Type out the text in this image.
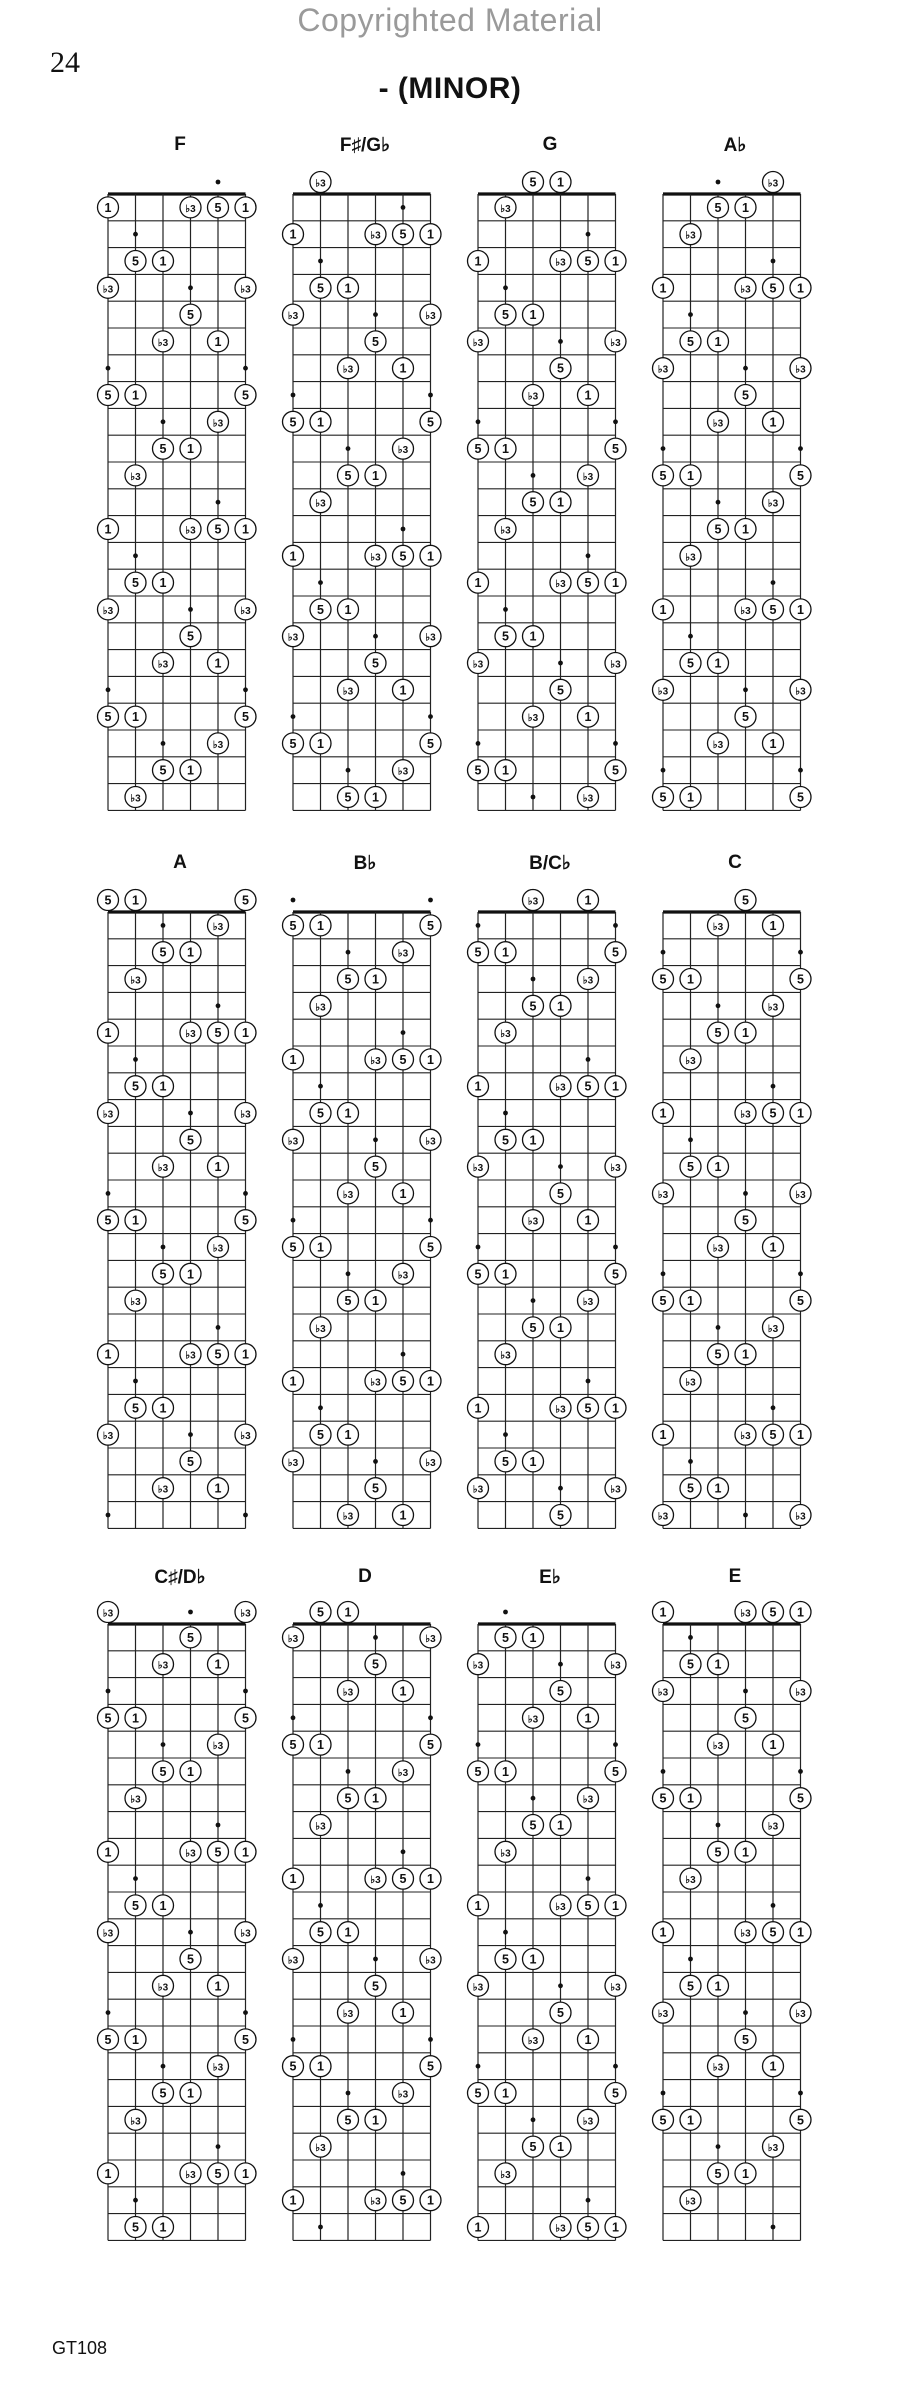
Copyrighted Material
24
- (MINOR)
F	F♯/G♭	G	A♭
1
♭3
5
1
♭3
5
5
1
♭3
5
1
♭3
1
♭3
5
1
♭3
5
♭3
5
1
♭3
5
1
5
1
♭3
5
1
♭3
1
♭3
5
1
♭3
5
1
♭3
5
1
♭3
5
♭3
5
1
♭3
5
1
1
♭3
5
1
♭3
5
♭3
5
1
♭3
5
1
5
1
♭3
5
1
♭3
1
♭3
5
1
♭3
5
1
♭3
5
1
♭3
5
♭3
5
1
♭3
5
1
5
1
♭3
5
1
♭3
1
♭3
5
1
♭3
5
5
1
♭3
5
1
♭3
1
♭3
5
1
♭3
5
1
♭3
5
1
♭3
5
♭3
5
1
♭3
5
1
5
1
♭3
5
1
♭3
1
♭3
5
1
♭3
5
♭3
5
1
♭3
5
1
1
♭3
5
1
♭3
5
A	B♭	B/C♭	C
5
1
♭3
5
1
♭3
1
♭3
5
1
♭3
5
5
1
♭3
5
1
♭3
1
♭3
5
1
♭3
5
♭3
5
1
♭3
5
1
5
1
♭3
5
1
♭3
5
1
♭3
5
1
♭3
1
♭3
5
1
♭3
5
5
1
♭3
5
1
♭3
1
♭3
5
1
♭3
5
♭3
5
1
♭3
5
1
5
1
♭3
5
1
♭3
5
1
♭3
5
1
♭3
1
♭3
5
1
♭3
5
♭3
5
1
♭3
5
1
1
♭3
5
1
♭3
5
1
♭3
5
1
♭3
5
5
1
♭3
5
1
♭3
5
1
♭3
5
1
♭3
1
♭3
5
1
♭3
5
♭3
5
1
♭3
5
1
5
1
♭3
5
1
♭3
1
♭3
5
1
♭3
5
5
1
♭3
5
1
♭3
C♯/D♭	D	E♭	E
♭3
5
1
♭3
5
1
1
♭3
5
1
♭3
5
♭3
5
1
♭3
5
1
5
1
♭3
5
1
♭3
1
♭3
5
1
♭3
5
♭3
5
1
♭3
5
1
♭3
5
1
♭3
5
1
5
1
♭3
5
1
♭3
1
♭3
5
1
♭3
5
5
1
♭3
5
1
♭3
1
♭3
5
1
♭3
5
♭3
5
1
♭3
5
1
♭3
5
1
♭3
5
1
5
1
♭3
5
1
♭3
1
♭3
5
1
♭3
5
5
1
♭3
5
1
♭3
1
♭3
5
1
♭3
5
♭3
5
1
♭3
5
1
1
♭3
5
1
♭3
5
5
1
♭3
5
1
♭3
1
♭3
5
1
♭3
5
♭3
5
1
♭3
5
1
5
1
♭3
5
1
♭3
1
♭3
5
1
♭3
5
GT108
